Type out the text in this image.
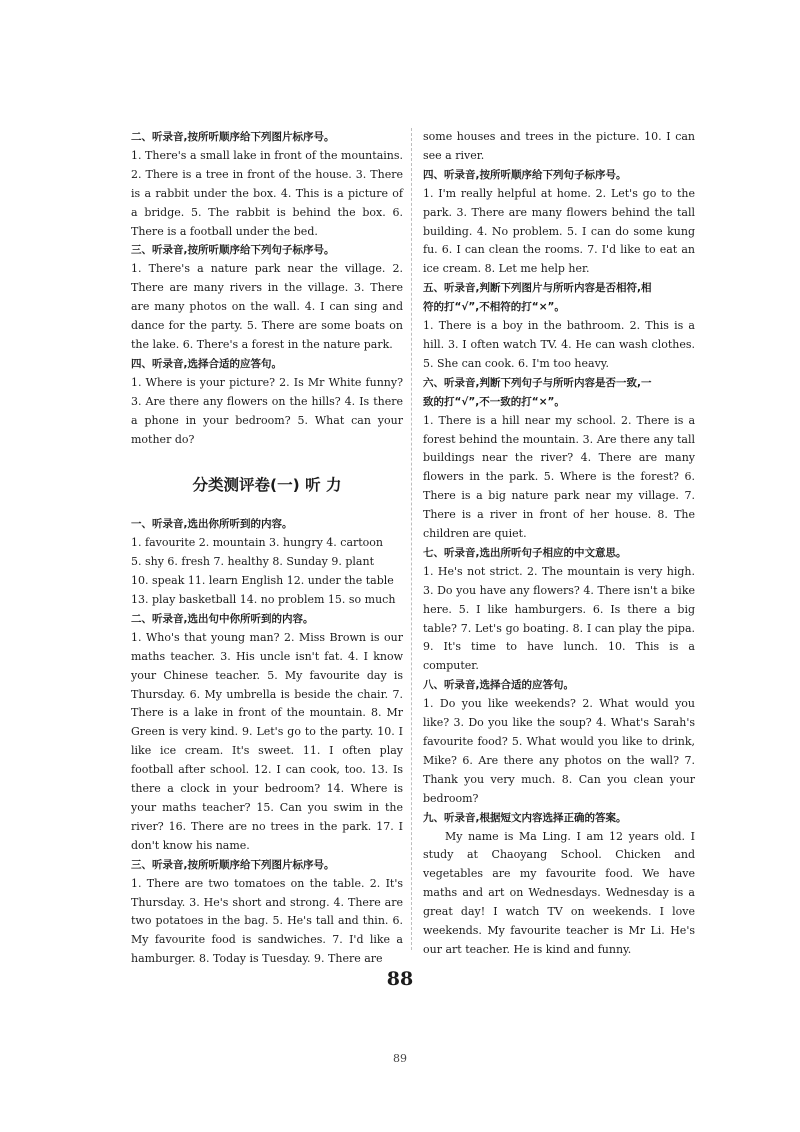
二、听录音,按所听顺序给下列图片标序号。

1. There's a small lake in front of the mountains. 2. There is a tree in front of the house. 3. There is a rabbit under the box. 4. This is a picture of a bridge. 5. The rabbit is behind the box. 6. There is a football under the bed.

三、听录音,按所听顺序给下列句子标序号。

1. There's a nature park near the village. 2. There are many rivers in the village. 3. There are many photos on the wall. 4. I can sing and dance for the party. 5. There are some boats on the lake. 6. There's a forest in the nature park.

四、听录音,选择合适的应答句。

1. Where is your picture? 2. Is Mr White funny? 3. Are there any flowers on the hills? 4. Is there a phone in your bedroom? 5. What can your mother do?

分类测评卷(一) 听 力

一、听录音,选出你所听到的内容。

1. favourite 2. mountain 3. hungry 4. cartoon

5. shy 6. fresh 7. healthy 8. Sunday 9. plant

10. speak 11. learn English 12. under the table

13. play basketball 14. no problem 15. so much

二、听录音,选出句中你所听到的内容。

1. Who's that young man? 2. Miss Brown is our maths teacher. 3. His uncle isn't fat. 4. I know your Chinese teacher. 5. My favourite day is Thursday. 6. My umbrella is beside the chair. 7. There is a lake in front of the mountain. 8. Mr Green is very kind. 9. Let's go to the party. 10. I like ice cream. It's sweet. 11. I often play football after school. 12. I can cook, too. 13. Is there a clock in your bedroom? 14. Where is your maths teacher? 15. Can you swim in the river? 16. There are no trees in the park. 17. I don't know his name.

三、听录音,按所听顺序给下列图片标序号。

1. There are two tomatoes on the table. 2. It's Thursday. 3. He's short and strong. 4. There are two potatoes in the bag. 5. He's tall and thin. 6. My favourite food is sandwiches. 7. I'd like a hamburger. 8. Today is Tuesday. 9. There are

some houses and trees in the picture. 10. I can see a river.

四、听录音,按所听顺序给下列句子标序号。

1. I'm really helpful at home. 2. Let's go to the park. 3. There are many flowers behind the tall building. 4. No problem. 5. I can do some kung fu. 6. I can clean the rooms. 7. I'd like to eat an ice cream. 8. Let me help her.

五、听录音,判断下列图片与所听内容是否相符,相

符的打“√”,不相符的打“×”。

1. There is a boy in the bathroom. 2. This is a hill. 3. I often watch TV. 4. He can wash clothes. 5. She can cook. 6. I'm too heavy.

六、听录音,判断下列句子与所听内容是否一致,一

致的打“√”,不一致的打“×”。

1. There is a hill near my school. 2. There is a forest behind the mountain. 3. Are there any tall buildings near the river? 4. There are many flowers in the park. 5. Where is the forest? 6. There is a big nature park near my village. 7. There is a river in front of her house. 8. The children are quiet.

七、听录音,选出所听句子相应的中文意思。

1. He's not strict. 2. The mountain is very high. 3. Do you have any flowers? 4. There isn't a bike here. 5. I like hamburgers. 6. Is there a big table? 7. Let's go boating. 8. I can play the pipa. 9. It's time to have lunch. 10. This is a computer.

八、听录音,选择合适的应答句。

1. Do you like weekends? 2. What would you like? 3. Do you like the soup? 4. What's Sarah's favourite food? 5. What would you like to drink, Mike? 6. Are there any photos on the wall? 7. Thank you very much. 8. Can you clean your bedroom?

九、听录音,根据短文内容选择正确的答案。

My name is Ma Ling. I am 12 years old. I study at Chaoyang School. Chicken and vegetables are my favourite food. We have maths and art on Wednesdays. Wednesday is a great day! I watch TV on weekends. I love weekends. My favourite teacher is Mr Li. He's our art teacher. He is kind and funny.

88
89
